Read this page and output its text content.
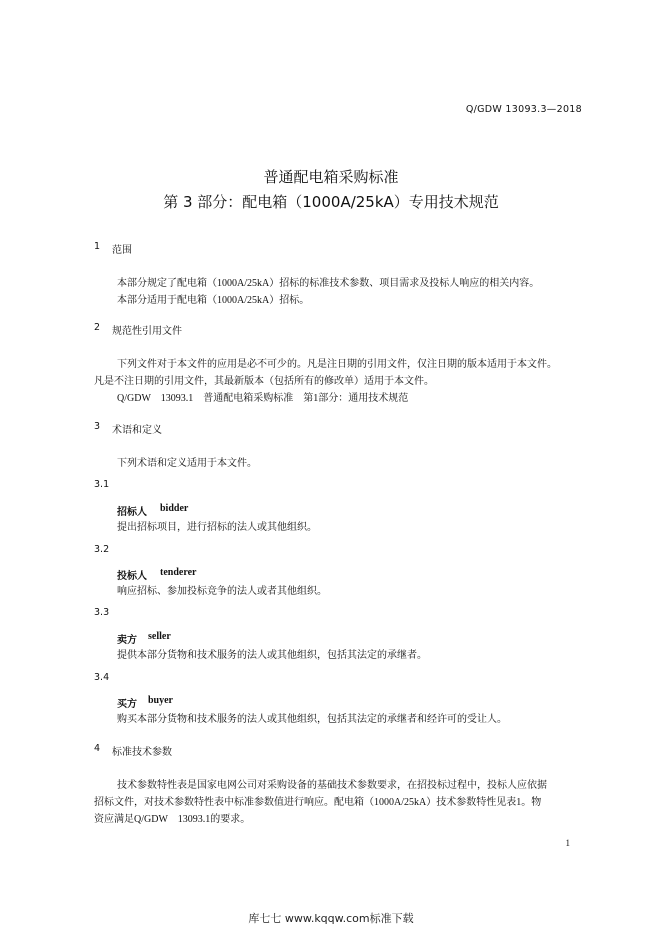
Q/GDW 13093.3—2018
普通配电箱采购标准
第 3 部分：配电箱（1000A/25kA）专用技术规范
1 范围
本部分规定了配电箱（1000A/25kA）招标的标准技术参数、项目需求及投标人响应的相关内容。
本部分适用于配电箱（1000A/25kA）招标。
2 规范性引用文件
下列文件对于本文件的应用是必不可少的。凡是注日期的引用文件，仅注日期的版本适用于本文件。
凡是不注日期的引用文件，其最新版本（包括所有的修改单）适用于本文件。
Q/GDW　13093.1　普通配电箱采购标准　第1部分：通用技术规范
3 术语和定义
下列术语和定义适用于本文件。
3.1
招标人 bidder
提出招标项目，进行招标的法人或其他组织。
3.2
投标人 tenderer
响应招标、参加投标竞争的法人或者其他组织。
3.3
卖方 seller
提供本部分货物和技术服务的法人或其他组织，包括其法定的承继者。
3.4
买方 buyer
购买本部分货物和技术服务的法人或其他组织，包括其法定的承继者和经许可的受让人。
4 标准技术参数
技术参数特性表是国家电网公司对采购设备的基础技术参数要求，在招投标过程中，投标人应依据
招标文件，对技术参数特性表中标准参数值进行响应。配电箱（1000A/25kA）技术参数特性见表1。物
资应满足Q/GDW　13093.1的要求。
1
库七七 www.kqqw.com标准下载
